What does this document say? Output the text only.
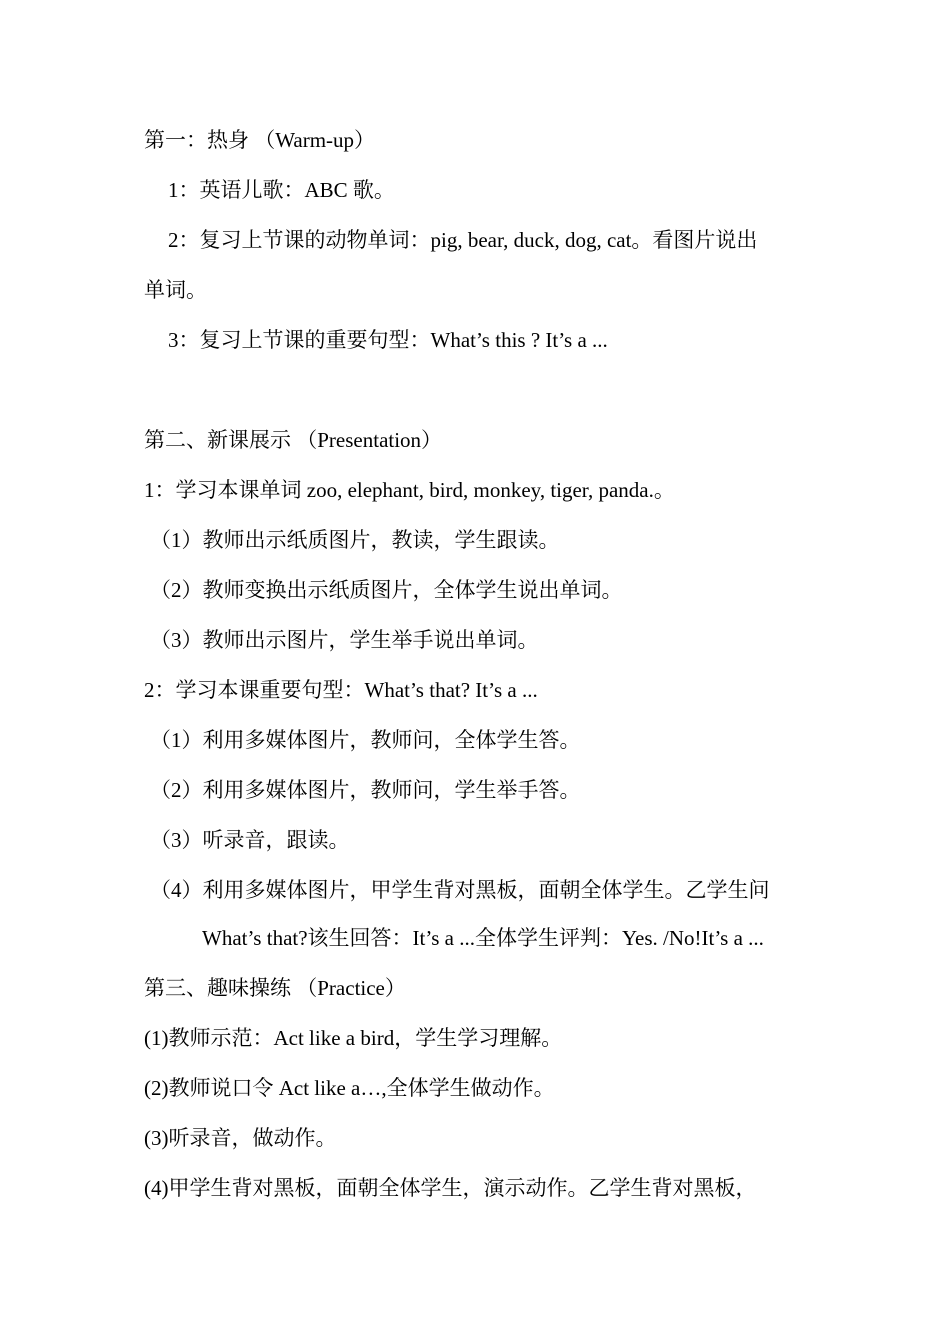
第一：热身 （Warm-up）
1：英语儿歌：ABC 歌。
2：复习上节课的动物单词：pig, bear, duck, dog, cat。看图片说出
单词。
3：复习上节课的重要句型：What’s this ? It’s a ...
第二、新课展示 （Presentation）
1：学习本课单词 zoo, elephant, bird, monkey, tiger, panda.。
（1）教师出示纸质图片，教读，学生跟读。
（2）教师变换出示纸质图片，全体学生说出单词。
（3）教师出示图片，学生举手说出单词。
2：学习本课重要句型：What’s that? It’s a ...
（1）利用多媒体图片，教师问，全体学生答。
（2）利用多媒体图片，教师问，学生举手答。
（3）听录音，跟读。
（4）利用多媒体图片，甲学生背对黑板，面朝全体学生。乙学生问
What’s that?该生回答：It’s a ...全体学生评判：Yes. /No!It’s a ...
第三、趣味操练 （Practice）
(1)教师示范：Act like a bird，学生学习理解。
(2)教师说口令 Act like a…,全体学生做动作。
(3)听录音，做动作。
(4)甲学生背对黑板，面朝全体学生，演示动作。乙学生背对黑板，
